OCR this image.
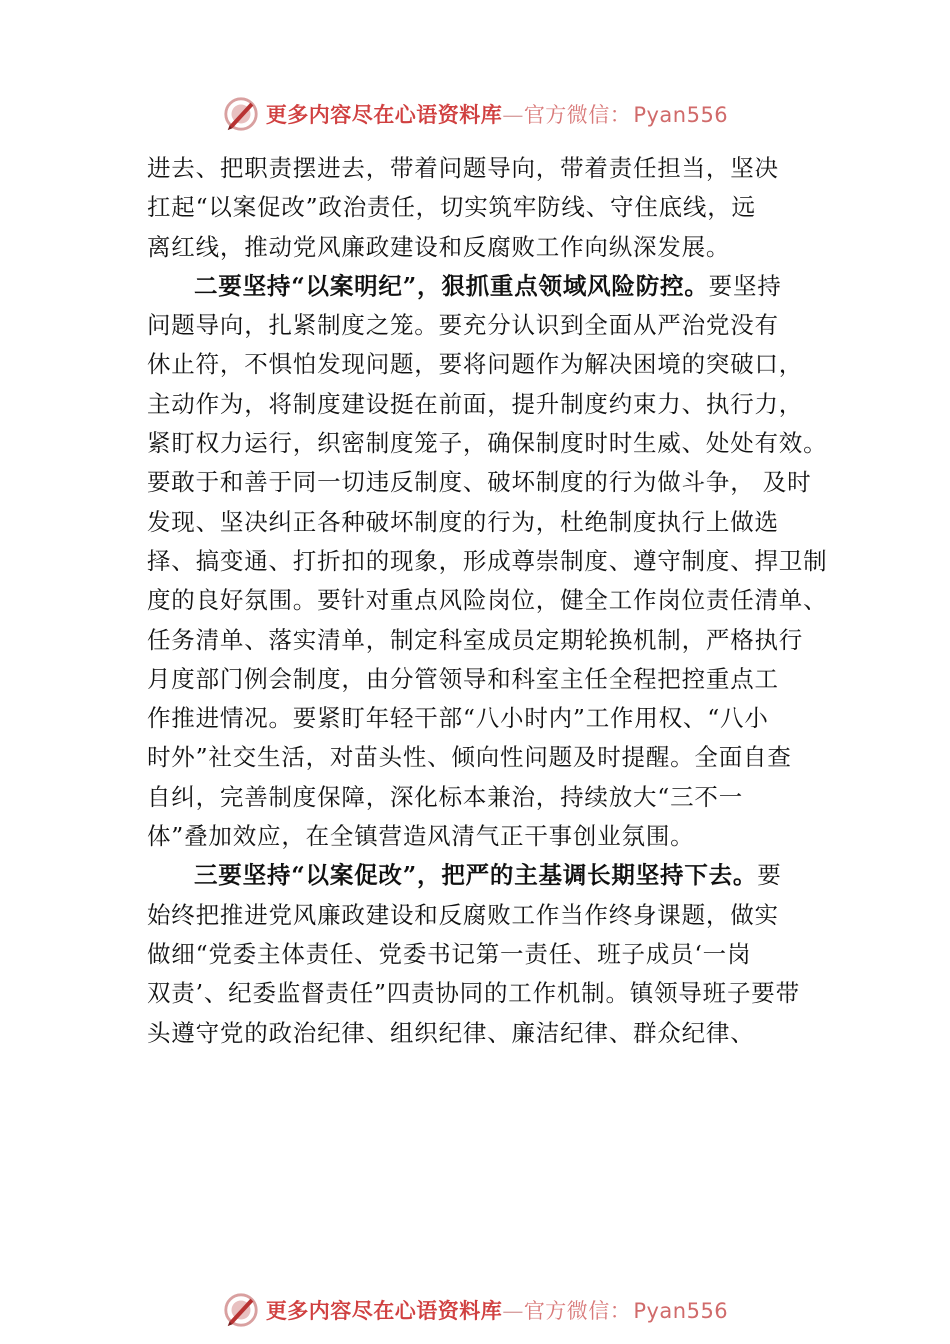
更多内容尽在心语资料库—官方微信：Pyan556
进去、把职责摆进去，带着问题导向，带着责任担当，坚决
扛起“以案促改”政治责任，切实筑牢防线、守住底线，远
离红线，推动党风廉政建设和反腐败工作向纵深发展。
二要坚持“以案明纪”，狠抓重点领域风险防控。要坚持
问题导向，扎紧制度之笼。要充分认识到全面从严治党没有
休止符，不惧怕发现问题，要将问题作为解决困境的突破口，
主动作为，将制度建设挺在前面，提升制度约束力、执行力，
紧盯权力运行，织密制度笼子，确保制度时时生威、处处有效。
要敢于和善于同一切违反制度、破坏制度的行为做斗争， 及时
发现、坚决纠正各种破坏制度的行为，杜绝制度执行上做选
择、搞变通、打折扣的现象，形成尊崇制度、遵守制度、捍卫制
度的良好氛围。要针对重点风险岗位，健全工作岗位责任清单、
任务清单、落实清单，制定科室成员定期轮换机制，严格执行
月度部门例会制度，由分管领导和科室主任全程把控重点工
作推进情况。要紧盯年轻干部“八小时内”工作用权、“八小
时外”社交生活，对苗头性、倾向性问题及时提醒。全面自查
自纠，完善制度保障，深化标本兼治，持续放大“三不一
体”叠加效应，在全镇营造风清气正干事创业氛围。
三要坚持“以案促改”，把严的主基调长期坚持下去。要
始终把推进党风廉政建设和反腐败工作当作终身课题，做实
做细“党委主体责任、党委书记第一责任、班子成员‘一岗
双责’、纪委监督责任”四责协同的工作机制。镇领导班子要带
头遵守党的政治纪律、组织纪律、廉洁纪律、群众纪律、
更多内容尽在心语资料库—官方微信：Pyan556
